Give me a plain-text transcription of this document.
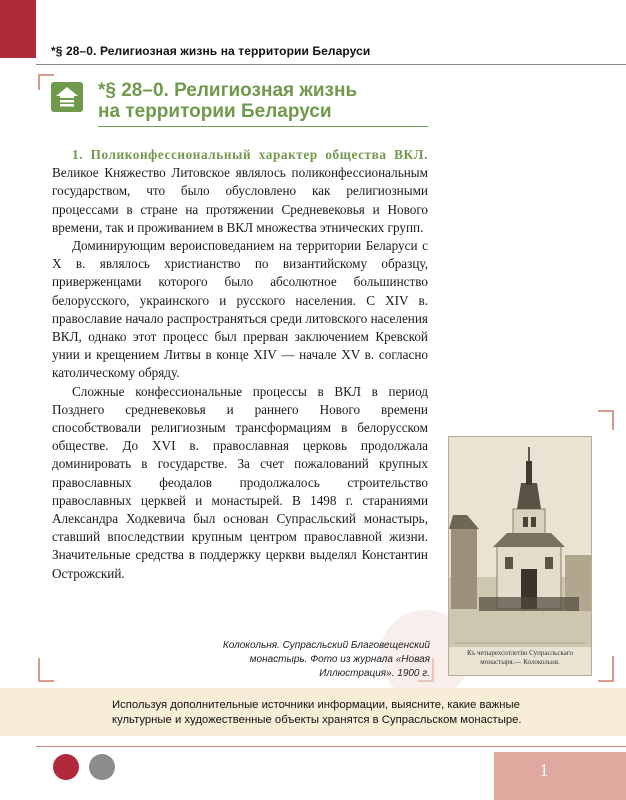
*§ 28–0. Религиозная жизнь на территории Беларуси
*§ 28–0. Религиозная жизнь
на территории Беларуси

1. Поликонфессиональный характер общества ВКЛ. Великое Княжество Литовское являлось поликонфессиональным государством, что было обусловлено как религиозными процессами в стране на протяжении Средневековья и Нового времени, так и проживанием в ВКЛ множества этнических групп.

Доминирующим вероисповеданием на территории Беларуси с X в. являлось христианство по византийскому образцу, приверженцами которого было абсолютное большинство белорусского, украинского и русского населения. С XIV в. православие начало распространяться среди литовского населения ВКЛ, однако этот процесс был прерван заключением Кревской унии и крещением Литвы в конце XIV — начале XV в. согласно католическому обряду.

Сложные конфессиональные процессы в ВКЛ в период Позднего средневековья и раннего Нового времени способствовали религиозным трансформациям в белорусском обществе. До XVI в. православная церковь продолжала доминировать в государстве. За счет пожалований крупных православных феодалов продолжалось строительство православных церквей и монастырей. В 1498 г. стараниями Александра Ходкевича был основан Супрасльский монастырь, ставший впоследствии крупным центром православной жизни. Значительные средства в поддержку церкви выделял Константин Острожский.

Къ четырехсотлетію Супрасльскаго монастыря.— Колокольня.
Колокольня. Супрасльский Благовещенский монастырь. Фото из журнала «Новая Иллюстрация». 1900 г.
Используя дополнительные источники информации, выясните, какие важные культурные и художественные объекты хранятся в Супрасльском монастыре.
1
